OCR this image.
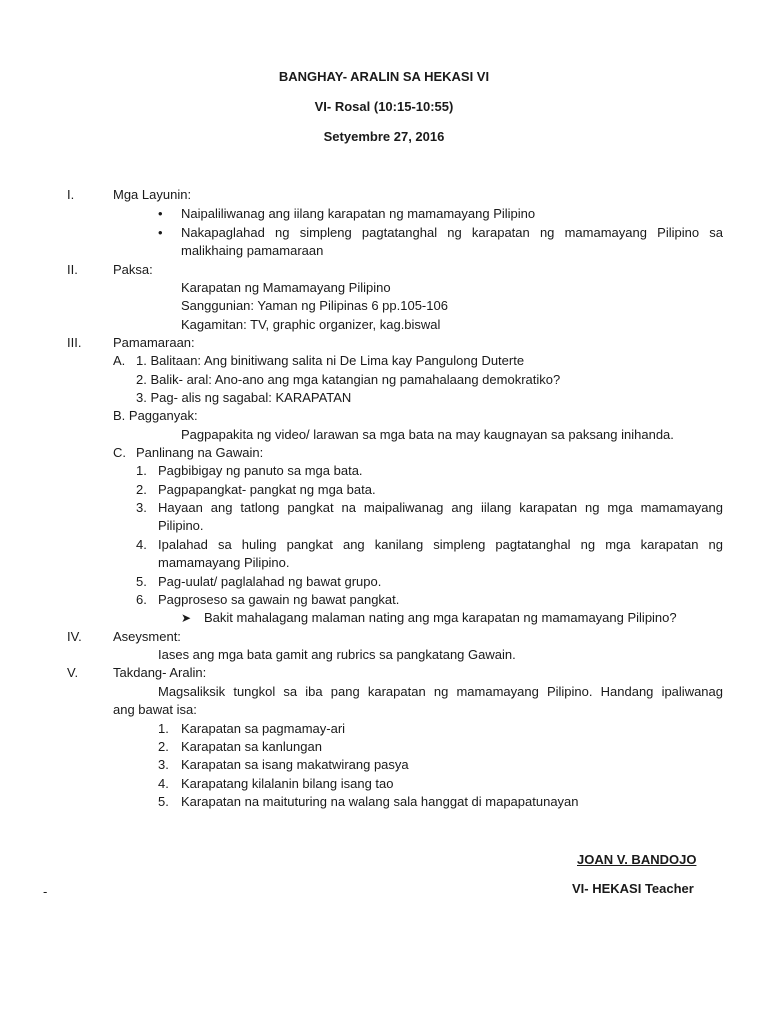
BANGHAY- ARALIN SA HEKASI VI
VI- Rosal (10:15-10:55)
Setyembre 27, 2016
I.	Mga Layunin:
• Naipaliliwanag ang iilang karapatan ng mamamayang Pilipino
• Nakapaglahad ng simpleng pagtatanghal ng karapatan ng mamamayang Pilipino sa
malikhaing pamamaraan
II.	Paksa:
Karapatan ng Mamamayang Pilipino
Sanggunian: Yaman ng Pilipinas 6 pp.105-106
Kagamitan: TV, graphic organizer, kag.biswal
III. Pamamaraan:
A. 1. Balitaan: Ang binitiwang salita ni De Lima kay Pangulong Duterte
2. Balik- aral: Ano-ano ang mga katangian ng pamahalaang demokratiko?
3. Pag- alis ng sagabal: KARAPATAN
B. Pagganyak:
Pagpapakita ng video/ larawan sa mga bata na may kaugnayan sa paksang inihanda.
C. Panlinang na Gawain:
1. Pagbibigay ng panuto sa mga bata.
2. Pagpapangkat- pangkat ng mga bata.
3. Hayaan ang tatlong pangkat na maipaliwanag ang iilang karapatan ng mga mamamayang
Pilipino.
4. Ipalahad sa huling pangkat ang kanilang simpleng pagtatanghal ng mga karapatan ng
mamamayang Pilipino.
5. Pag-uulat/ paglalahad ng bawat grupo.
6. Pagproseso sa gawain ng bawat pangkat.
➤ Bakit mahalagang malaman nating ang mga karapatan ng mamamayang Pilipino?
IV. Aseysment:
Iases ang mga bata gamit ang rubrics sa pangkatang Gawain.
V.	Takdang- Aralin:
Magsaliksik tungkol sa iba pang karapatan ng mamamayang Pilipino. Handang ipaliwanag
ang bawat isa:
1. Karapatan sa pagmamay-ari
2. Karapatan sa kanlungan
3. Karapatan sa isang makatwirang pasya
4. Karapatang kilalanin bilang isang tao
5. Karapatan na maituturing na walang sala hanggat di mapapatunayan
JOAN V. BANDOJO
VI- HEKASI Teacher
-
